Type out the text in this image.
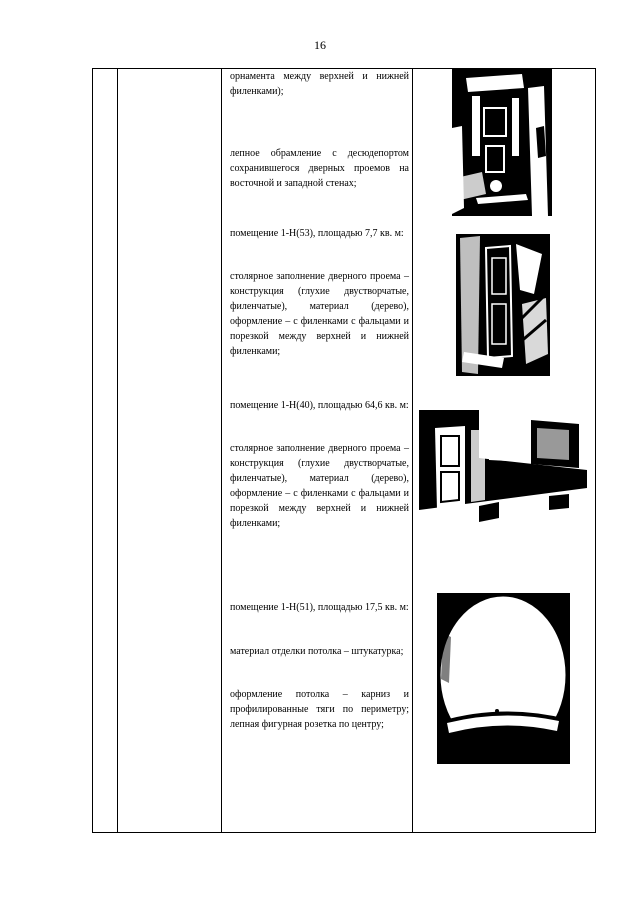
16
орнамента между верхней и нижней филенками);
лепное обрамление с десюдепортом сохранившегося дверных проемов на восточной и западной стенах;
помещение 1-Н(53), площадью 7,7 кв. м:
столярное заполнение дверного проема – конструкция (глухие двустворчатые, филенчатые), материал (дерево), оформление – с филенками с фальцами и порезкой между верхней и нижней филенками;
помещение 1-Н(40), площадью 64,6 кв. м:
столярное заполнение дверного проема – конструкция (глухие двустворчатые, филенчатые), материал (дерево), оформление – с филенками с фальцами и порезкой между верхней и нижней филенками;
помещение 1-Н(51), площадью 17,5 кв. м:
материал отделки потолка – штукатурка;
оформление потолка – карниз и профилированные тяги по периметру; лепная фигурная розетка по центру;
